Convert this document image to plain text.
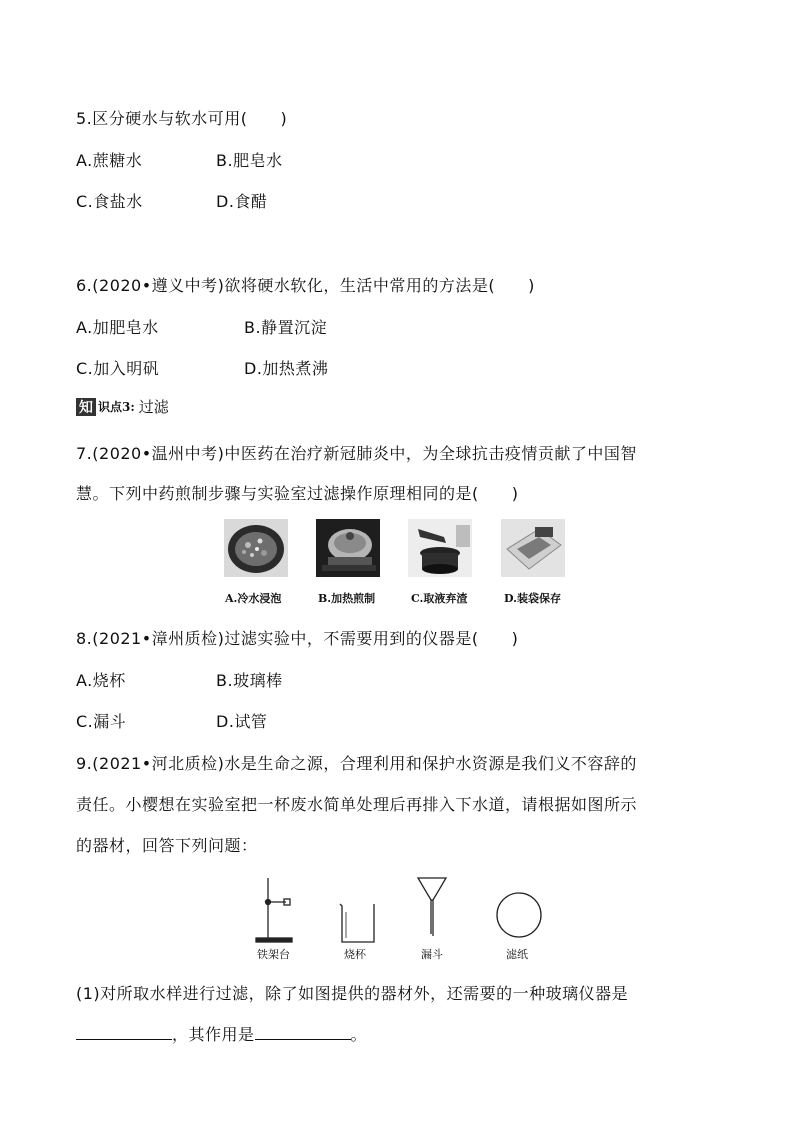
5.区分硬水与软水可用(　　)
A.蔗糖水	B.肥皂水
C.食盐水	D.食醋
6.(2020•遵义中考)欲将硬水软化，生活中常用的方法是(　　)
A.加肥皂水	B.静置沉淀
C.加入明矾	D.加热煮沸
知 识点3: 过滤
7.(2020•温州中考)中医药在治疗新冠肺炎中，为全球抗击疫情贡献了中国智
慧。下列中药煎制步骤与实验室过滤操作原理相同的是(　　)
A.冷水浸泡	B.加热煎制	C.取液弃渣	D.装袋保存
8.(2021•漳州质检)过滤实验中，不需要用到的仪器是(　　)
A.烧杯	B.玻璃棒
C.漏斗	D.试管
9.(2021•河北质检)水是生命之源，合理利用和保护水资源是我们义不容辞的
责任。小樱想在实验室把一杯废水简单处理后再排入下水道，请根据如图所示
的器材，回答下列问题：
铁架台	烧杯	漏斗	滤纸
(1)对所取水样进行过滤，除了如图提供的器材外，还需要的一种玻璃仪器是
，其作用是	。
